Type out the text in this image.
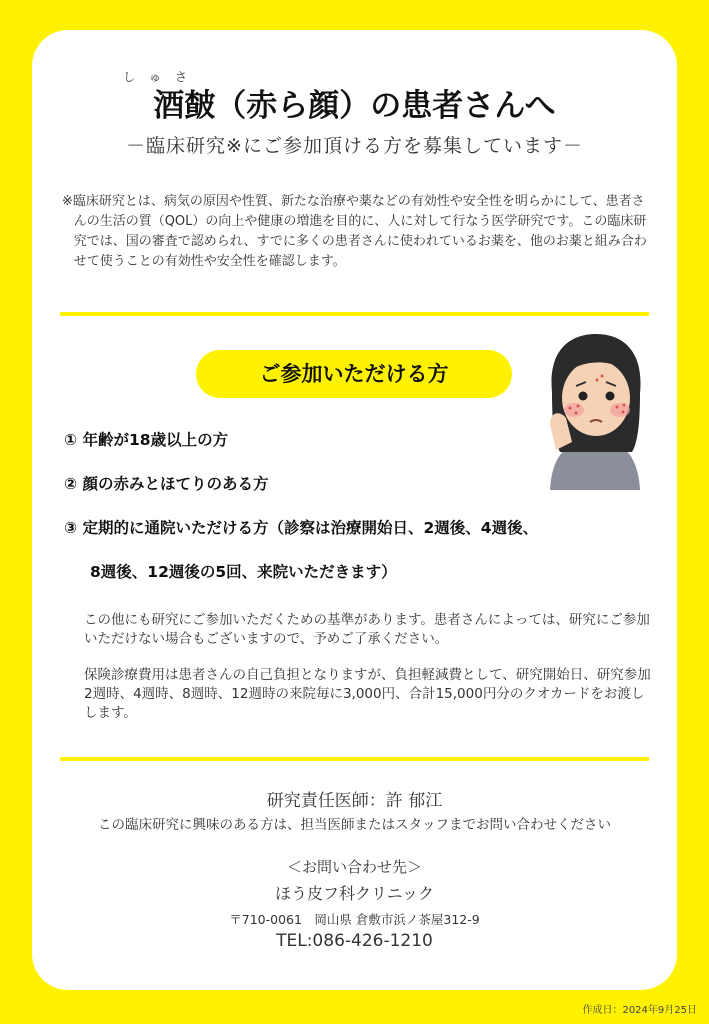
しゅさ
酒皶（赤ら顔）の患者さんへ
－臨床研究※にご参加頂ける方を募集しています－

※臨床研究とは、病気の原因や性質、新たな治療や薬などの有効性や安全性を明らかにして、患者さんの生活の質（QOL）の向上や健康の増進を目的に、人に対して行なう医学研究です。この臨床研究では、国の審査で認められ、すでに多くの患者さんに使われているお薬を、他のお薬と組み合わせて使うことの有効性や安全性を確認します。

ご参加いただける方
① 年齢が18歳以上の方
② 顔の赤みとほてりのある方
③ 定期的に通院いただける方（診察は治療開始日、2週後、4週後、
8週後、12週後の5回、来院いただきます）

この他にも研究にご参加いただくための基準があります。患者さんによっては、研究にご参加いただけない場合もございますので、予めご了承ください。

保険診療費用は患者さんの自己負担となりますが、負担軽減費として、研究開始日、研究参加2週時、4週時、8週時、12週時の来院毎に3,000円、合計15,000円分のクオカードをお渡しします。

研究責任医師：許 郁江
この臨床研究に興味のある方は、担当医師またはスタッフまでお問い合わせください
＜お問い合わせ先＞
ほう皮フ科クリニック
〒710-0061　岡山県 倉敷市浜ノ茶屋312-9
TEL:086-426-1210
作成日：2024年9月25日
